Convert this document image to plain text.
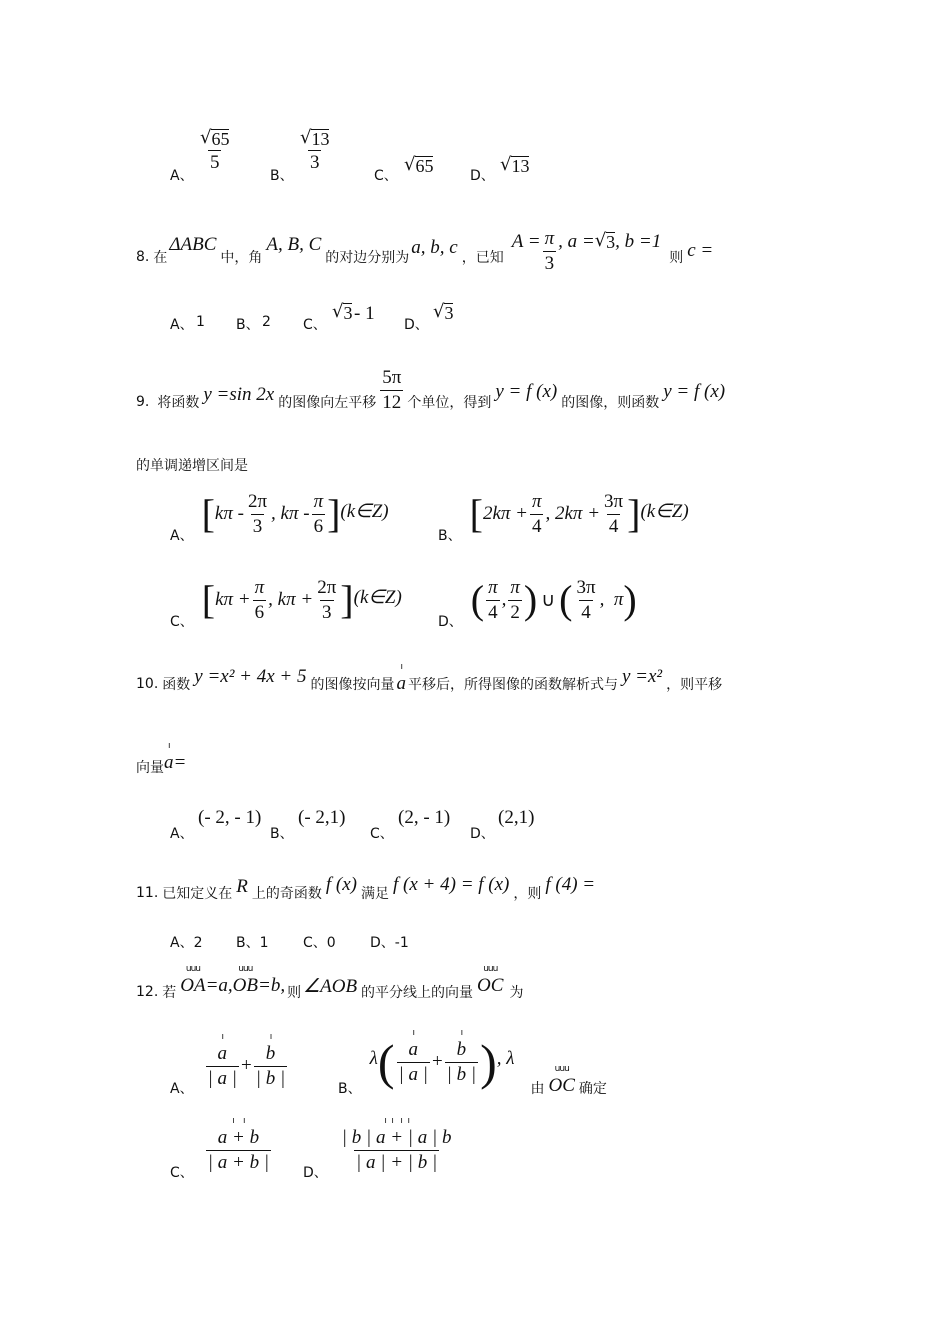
A、
√ 65
5
B、
√ 13
3
C、
√ 65	D、
√ 13
8. 在
ΔABC
中，角
A, B, C
的对边分别为 a, b, c ，已知
$A = \frac{\pi}{3}$ , a = √ 3 , b =1
则 c =
A、 1 B、 2 C、
√ 3 - 1
D、
√ 3
9. 将函数 y =sin 2x 的图像向左平移 $\frac{5\pi}{12}$ 个单位，得到
y = f (x)
的图像，则函数
y = f (x)
的单调递增区间是
A、 [ kπ - $\frac{2\pi}{3}$ , kπ - $\frac{\pi}{6}$ ] (k∈Z)
B、 [ $2k\pi + \frac{\pi}{4}$ , $2k\pi + \frac{3\pi}{4}$ ] (k∈Z)
C、 [ $k\pi + \frac{\pi}{6}$ , $k\pi + \frac{2\pi}{3}$ ] (k∈Z)
D、 ( $\frac{\pi}{4}$ , $\frac{\pi}{2}$ ) ∪ ( $\frac{3\pi}{4}$ , π )
10. 函数 y =x² + 4x + 5 的图像按向量
ı
a 平移后，所得图像的函数解析式与 y =x² ，则平移
向量
ı
a =
A、
(- 2, - 1)
B、
(- 2,1)
C、
(2, - 1)
D、
(2,1)
11. 已知定义在 R 上的奇函数 f (x) 满足 f (x + 4) = f (x) ，则 f (4) =
A、2 B、1 C、0 D、-1
12. 若
uuu
OA =a,
uuu
OB =b, 则 ∠AOB 的平分线上的向量
uuu
OC 为
A、 ı
a
| a | + ı
b
| b |	B、
λ ( ı
a
| a | + ı
b
| b | ) , λ
由
uuu
OC 确定
C、 ı     ı
a + b
| a + b | D、 ı   ı    ı   ı
| b | a + | a | b
| a | + | b |
